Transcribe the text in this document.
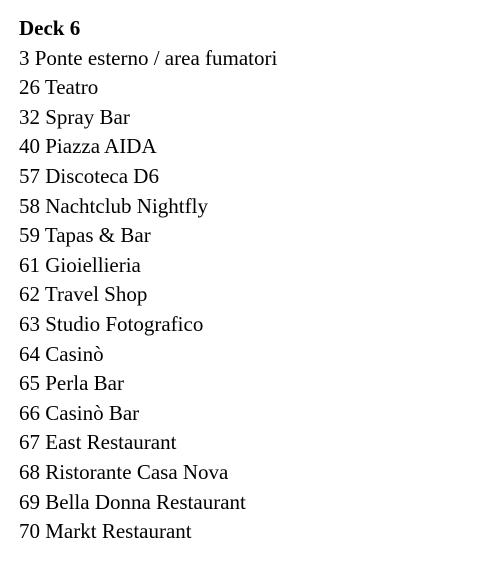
Deck 6
3 Ponte esterno / area fumatori
26 Teatro
32 Spray Bar
40 Piazza AIDA
57 Discoteca D6
58 Nachtclub Nightfly
59 Tapas & Bar
61 Gioiellieria
62 Travel Shop
63 Studio Fotografico
64 Casinò
65 Perla Bar
66 Casinò Bar
67 East Restaurant
68 Ristorante Casa Nova
69 Bella Donna Restaurant
70 Markt Restaurant
